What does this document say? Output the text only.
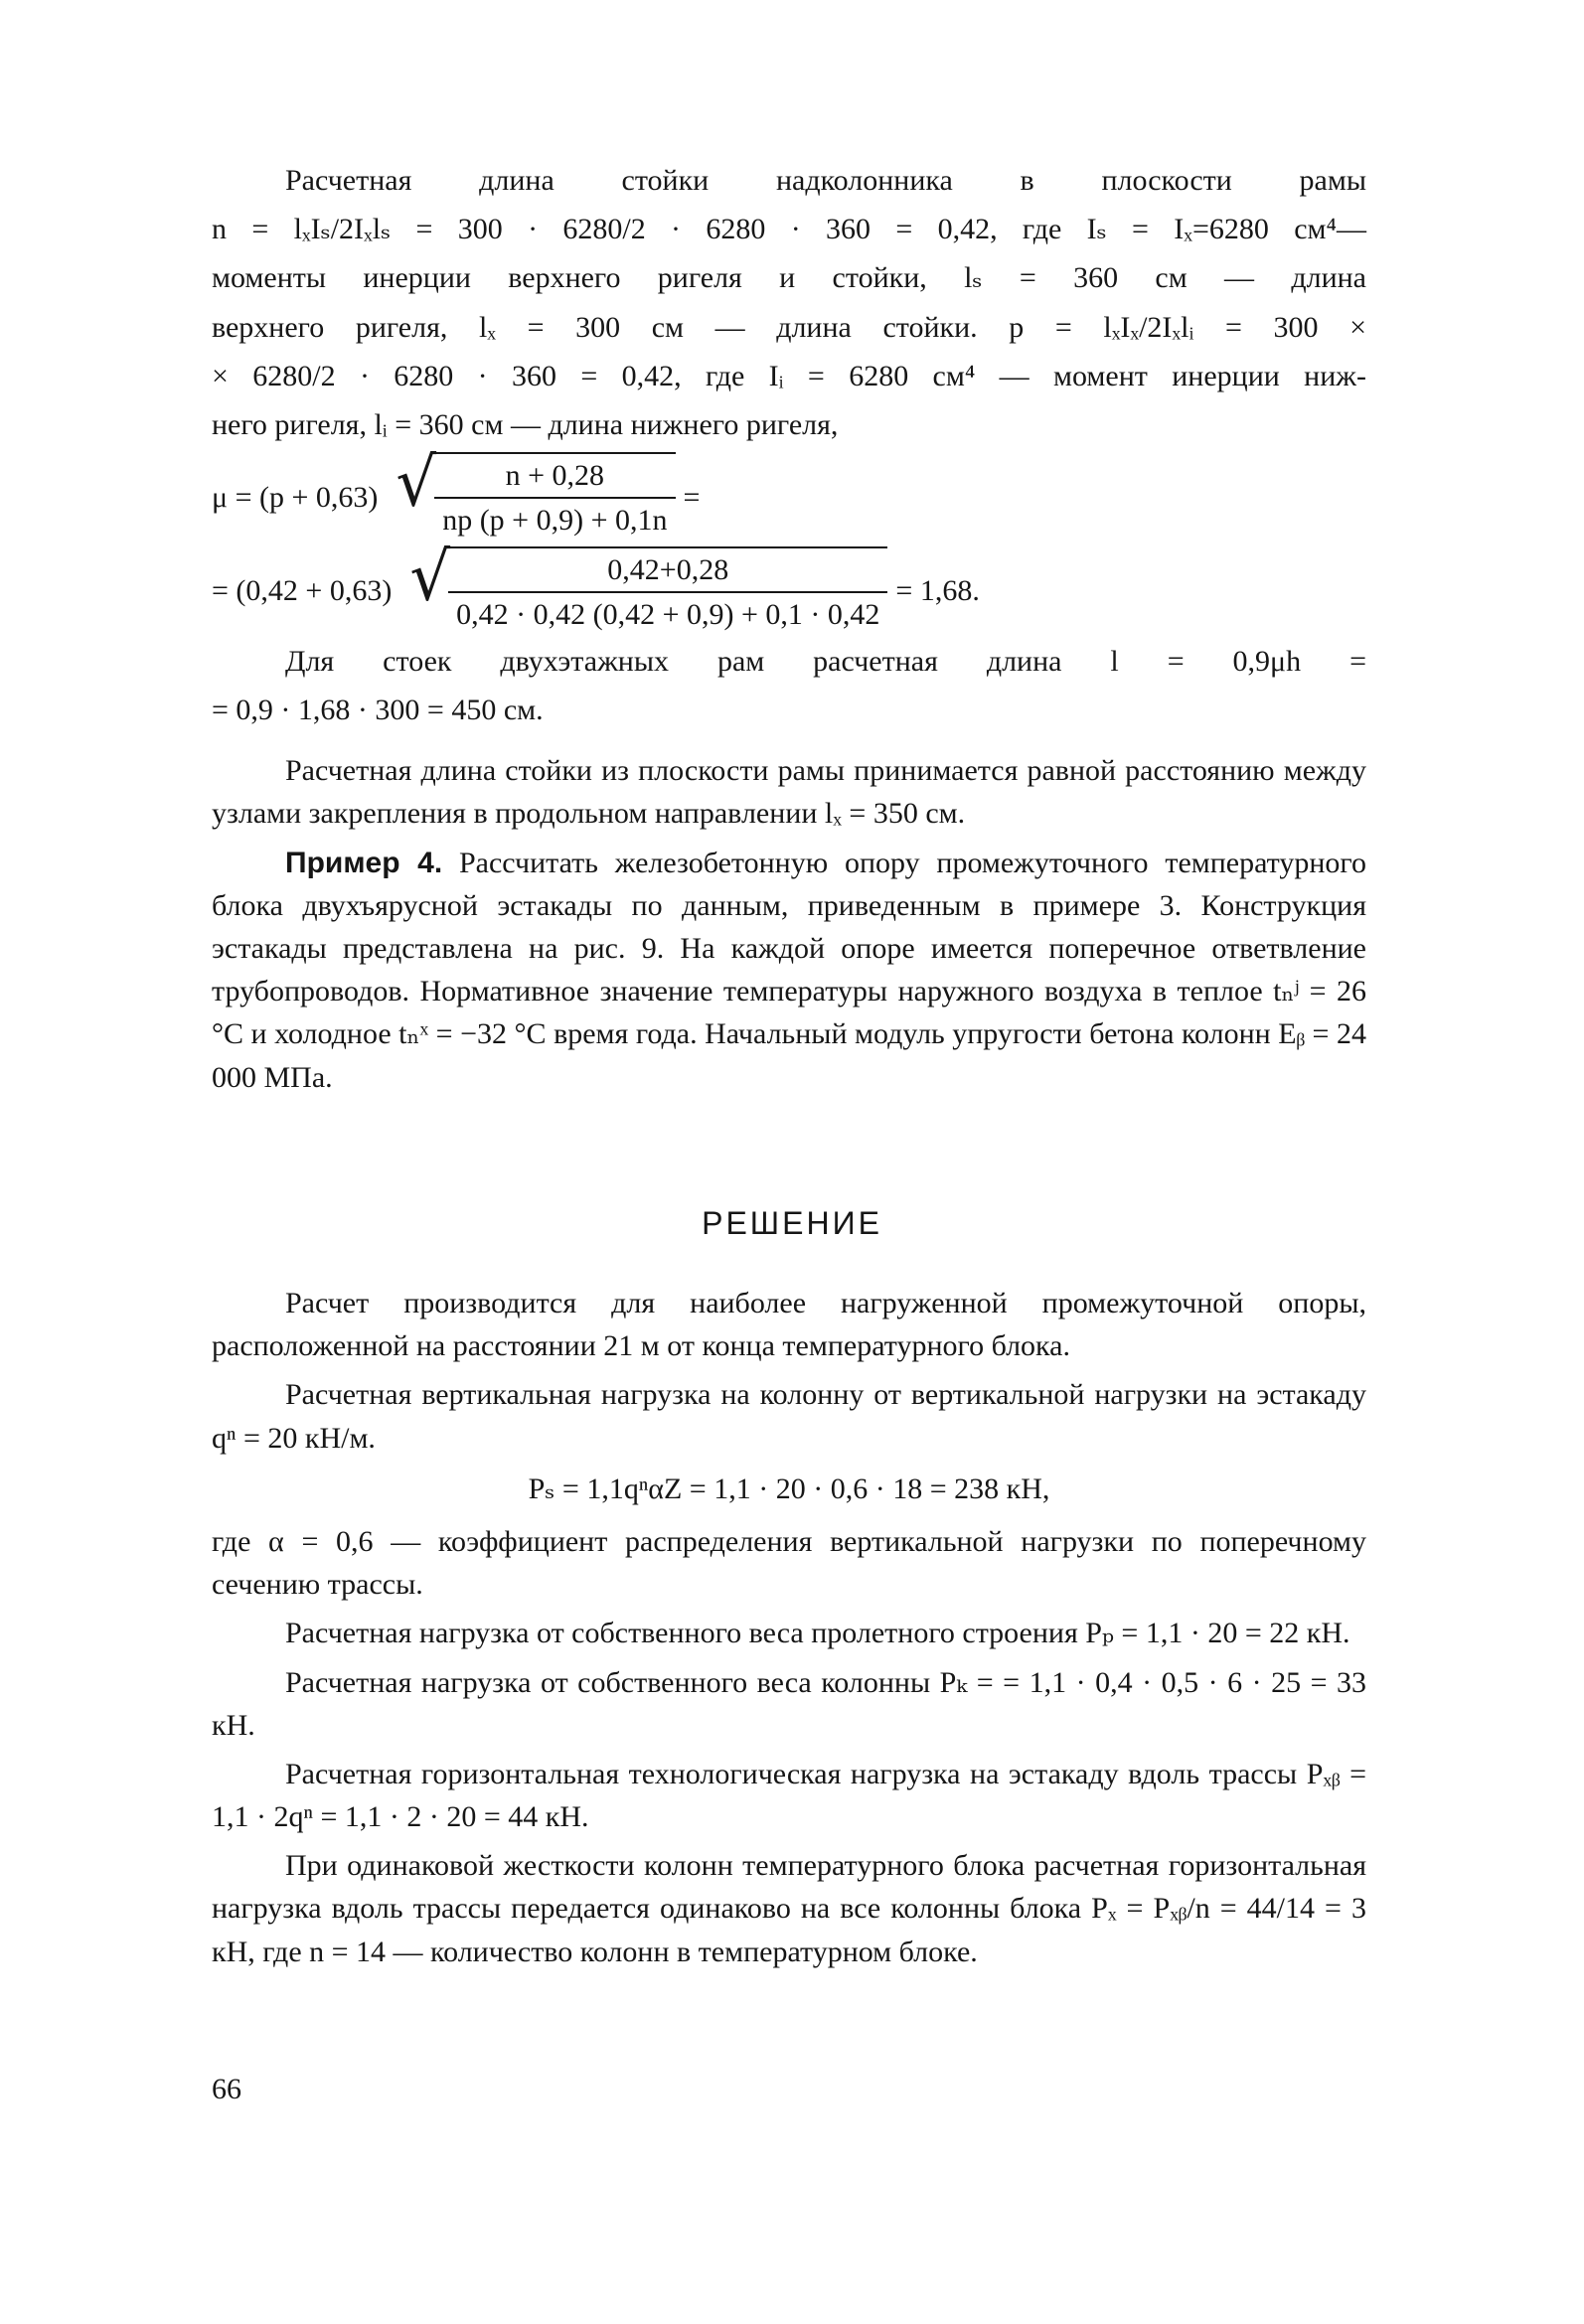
Расчетная длина стойки надколонника в плоскости рамы
n = lₓIₛ/2Iₓlₛ = 300 · 6280/2 · 6280 · 360 = 0,42, где Iₛ = Iₓ=6280 см⁴—
моменты инерции верхнего ригеля и стойки, lₛ = 360 см — длина
верхнего ригеля, lₓ = 300 см — длина стойки. p = lₓIₓ/2Iₓlᵢ = 300 ×
× 6280/2 · 6280 · 360 = 0,42, где Iᵢ = 6280 см⁴ — момент инерции ниж-
него ригеля, lᵢ = 360 см — длина нижнего ригеля,
μ = (p + 0,63) √
$\frac{n + 0,28}{np (p + 0,9) + 0,1n}$ =
= (0,42 + 0,63) √
$\frac{0,42+0,28}{0,42 \cdot 0,42 (0,42 + 0,9) + 0,1 \cdot 0,42} = 1,68$.
Для стоек двухэтажных рам расчетная длина l = 0,9μh =
= 0,9 · 1,68 · 300 = 450 см.
Расчетная длина стойки из плоскости рамы принимается равной расстоянию между узлами закрепления в продольном направлении lₓ = 350 см.
Пример 4. Рассчитать железобетонную опору промежуточного температурного блока двухъярусной эстакады по данным, приведенным в примере 3. Конструкция эстакады представлена на рис. 9. На каждой опоре имеется поперечное ответвление трубопроводов. Нормативное значение температуры наружного воздуха в теплое tₙʲ = 26 °C и холодное tₙˣ = −32 °C время года. Начальный модуль упругости бетона колонн Eᵦ = 24 000 МПа.
РЕШЕНИЕ
Расчет производится для наиболее нагруженной промежуточной опоры, расположенной на расстоянии 21 м от конца температурного блока.
Расчетная вертикальная нагрузка на колонну от вертикальной нагрузки на эстакаду qⁿ = 20 кН/м.
Pₛ = 1,1qⁿαZ = 1,1 · 20 · 0,6 · 18 = 238 кН,
где α = 0,6 — коэффициент распределения вертикальной нагрузки по поперечному сечению трассы.
Расчетная нагрузка от собственного веса пролетного строения Pₚ = 1,1 · 20 = 22 кН.
Расчетная нагрузка от собственного веса колонны Pₖ = = 1,1 · 0,4 · 0,5 · 6 · 25 = 33 кН.
Расчетная горизонтальная технологическая нагрузка на эстакаду вдоль трассы Pₓᵦ = 1,1 · 2qⁿ = 1,1 · 2 · 20 = 44 кН.
При одинаковой жесткости колонн температурного блока расчетная горизонтальная нагрузка вдоль трассы передается одинаково на все колонны блока Pₓ = Pₓᵦ/n = 44/14 = 3 кН, где n = 14 — количество колонн в температурном блоке.
66
